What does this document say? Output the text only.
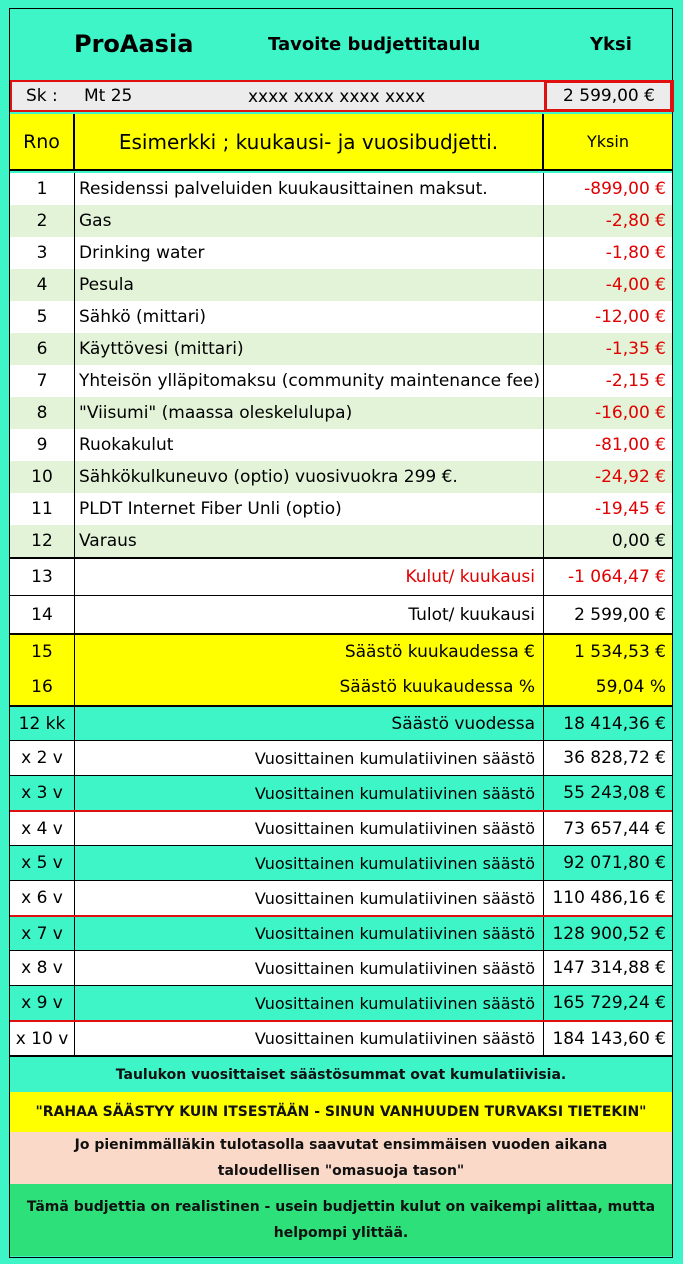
ProAasia	Tavoite budjettitaulu	Yksi
Sk : Mt 25	xxxx xxxx xxxx xxxx	2 599,00 €
Rno	Esimerkki ; kuukausi- ja vuosibudjetti.	Yksin
1 Residenssi palveluiden kuukausittainen maksut.	-899,00 €
2 Gas	-2,80 €
3 Drinking water	-1,80 €
4 Pesula	-4,00 €
5 Sähkö (mittari)	-12,00 €
6 Käyttövesi (mittari)	-1,35 €
7 Yhteisön ylläpitomaksu (community maintenance fee)	-2,15 €
8 "Viisumi" (maassa oleskelulupa)	-16,00 €
9 Ruokakulut	-81,00 €
10 Sähkökulkuneuvo (optio) vuosivuokra 299 €.	-24,92 €
11 PLDT Internet Fiber Unli (optio)	-19,45 €
12 Varaus	0,00 €
13	Kulut/ kuukausi -1 064,47 €
14	Tulot/ kuukausi 2 599,00 €
15	Säästö kuukaudessa € 1 534,53 €
16	Säästö kuukaudessa %	59,04 %
12 kk	Säästö vuodessa 18 414,36 €
x 2 v	Vuosittainen kumulatiivinen säästö 36 828,72 €
x 3 v	Vuosittainen kumulatiivinen säästö 55 243,08 €
x 4 v	Vuosittainen kumulatiivinen säästö 73 657,44 €
x 5 v	Vuosittainen kumulatiivinen säästö 92 071,80 €
x 6 v	Vuosittainen kumulatiivinen säästö 110 486,16 €
x 7 v	Vuosittainen kumulatiivinen säästö 128 900,52 €
x 8 v	Vuosittainen kumulatiivinen säästö 147 314,88 €
x 9 v	Vuosittainen kumulatiivinen säästö 165 729,24 €
x 10 v	Vuosittainen kumulatiivinen säästö 184 143,60 €
Taulukon vuosittaiset säästösummat ovat kumulatiivisia.
"RAHAA SÄÄSTYY KUIN ITSESTÄÄN - SINUN VANHUUDEN TURVAKSI TIETEKIN"
Jo pienimmälläkin tulotasolla saavutat ensimmäisen vuoden aikana taloudellisen "omasuoja tason"
Tämä budjettia on realistinen - usein budjettin kulut on vaikempi alittaa, mutta helpompi ylittää.
